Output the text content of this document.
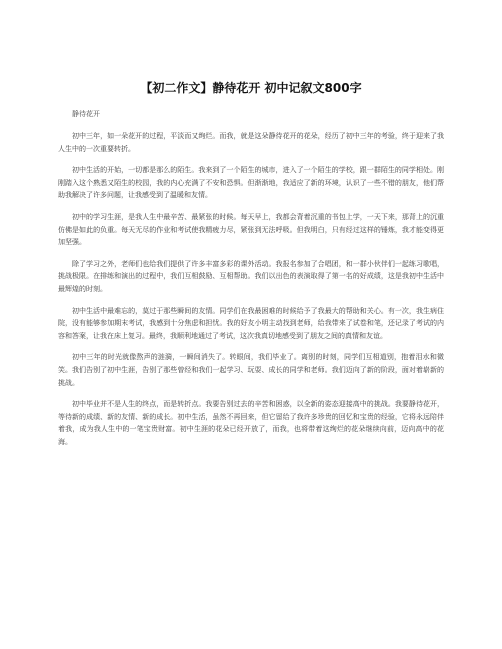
【初二作文】静待花开 初中记叙文800字

静待花开

初中三年，如一朵花开的过程，平淡而又绚烂。而我，就是这朵静待花开的花朵，经历了初中三年的考验，终于迎来了我人生中的一次重要转折。

初中生活的开始，一切都是那么的陌生。我来到了一个陌生的城市，进入了一个陌生的学校，跟一群陌生的同学相处。刚刚踏入这个熟悉又陌生的校园，我的内心充满了不安和恐惧。但渐渐地，我适应了新的环境，认识了一些不错的朋友，他们帮助我解决了许多问题，让我感受到了温暖和友情。

初中的学习生涯，是我人生中最辛苦、最紧张的时候。每天早上，我都会背着沉重的书包上学，一天下来，那背上的沉重仿佛是如此的负重。每天无尽的作业和考试使我精疲力尽，紧张到无法呼吸。但我明白，只有经过这样的锤炼，我才能变得更加坚强。

除了学习之外，老师们也给我们提供了许多丰富多彩的课外活动。我报名参加了合唱团，和一群小伙伴们一起练习歌唱，挑战极限。在排练和演出的过程中，我们互相鼓励、互相帮助。我们以出色的表演取得了第一名的好成绩，这是我初中生活中最辉煌的时刻。

初中生活中最难忘的，莫过于那些瞬间的友情。同学们在我最困难的时候给予了我最大的帮助和关心。有一次，我生病住院，没有能够参加期末考试，我感到十分焦虑和担忧。我的好友小明主动找到老师，给我带来了试卷和笔，还记录了考试的内容和答案，让我在床上复习。最终，我顺利地通过了考试，这次我真切地感受到了朋友之间的真情和友谊。

初中三年的时光就像熬声的涟漪，一瞬间消失了。转眼间，我们毕业了。离别的时刻，同学们互相道别，抱着泪水和微笑。我们告别了初中生涯，告别了那些曾经和我们一起学习、玩耍、成长的同学和老师。我们迈向了新的阶段，面对着崭新的挑战。

初中毕业并不是人生的终点，而是转折点。我要告别过去的辛苦和困惑，以全新的姿态迎接高中的挑战。我要静待花开，等待新的成绩、新的友情、新的成长。初中生活，虽然不再回来，但它留给了我许多珍贵的回忆和宝贵的经验，它将永远陪伴着我，成为我人生中的一笔宝贵财富。初中生涯的花朵已经开放了，而我，也将带着这绚烂的花朵继续向前，迈向高中的花海。
